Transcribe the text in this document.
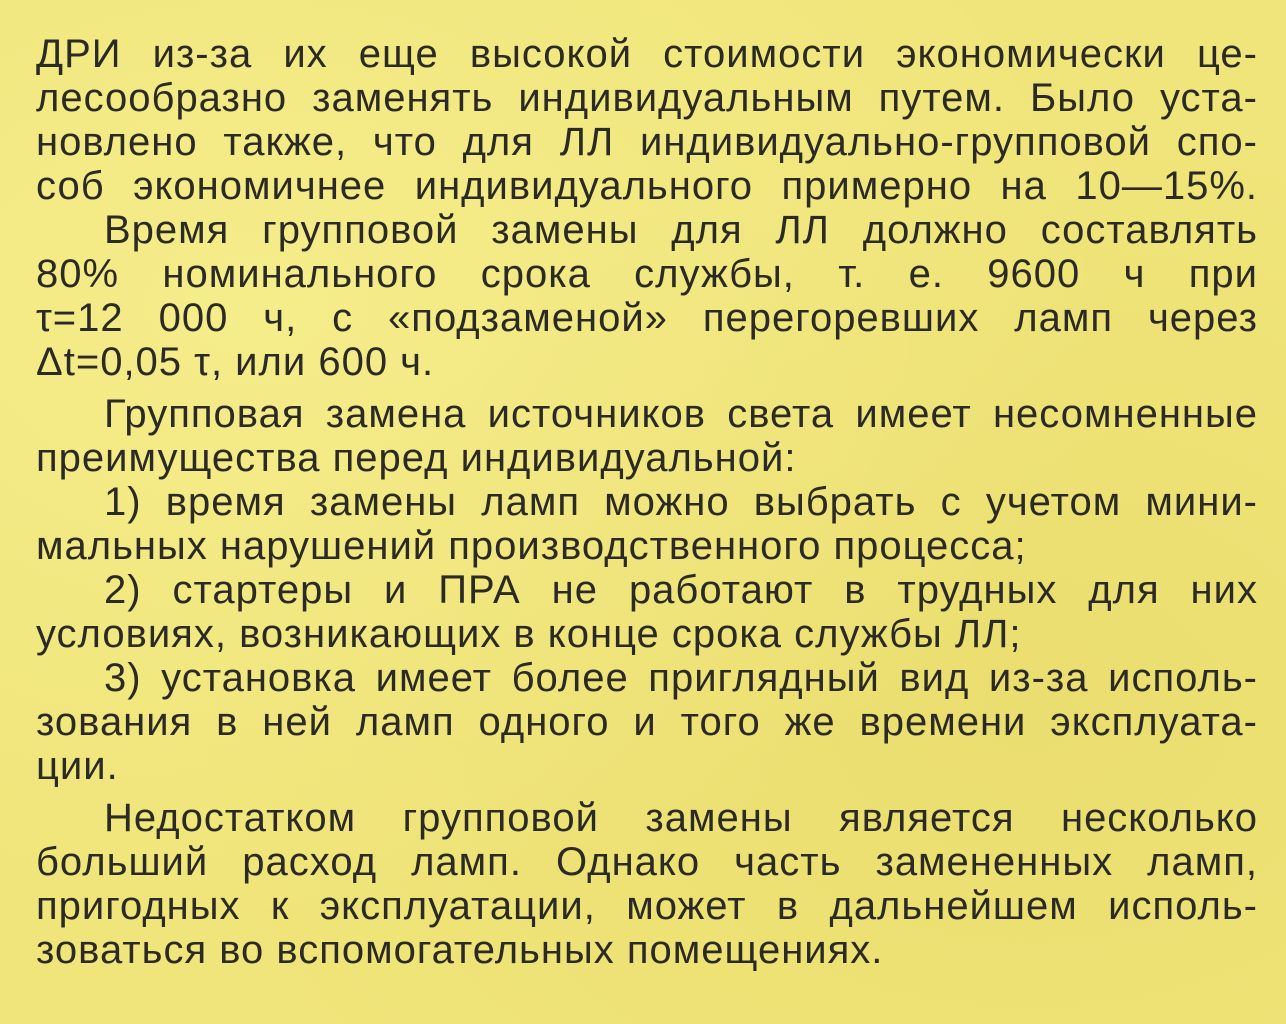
ДРИ из-за их еще высокой стоимости экономически це-
лесообразно заменять индивидуальным путем. Было уста-
новлено также, что для ЛЛ индивидуально-групповой спо-
соб экономичнее индивидуального примерно на 10—15%.
Время групповой замены для ЛЛ должно составлять
80% номинального срока службы, т. е. 9600 ч при
τ=12 000 ч, с «подзаменой» перегоревших ламп через
Δt=0,05 τ, или 600 ч.
Групповая замена источников света имеет несомненные
преимущества перед индивидуальной:
1) время замены ламп можно выбрать с учетом мини-
мальных нарушений производственного процесса;
2) стартеры и ПРА не работают в трудных для них
условиях, возникающих в конце срока службы ЛЛ;
3) установка имеет более приглядный вид из-за исполь-
зования в ней ламп одного и того же времени эксплуата-
ции.
Недостатком групповой замены является несколько
больший расход ламп. Однако часть замененных ламп,
пригодных к эксплуатации, может в дальнейшем исполь-
зоваться во вспомогательных помещениях.
